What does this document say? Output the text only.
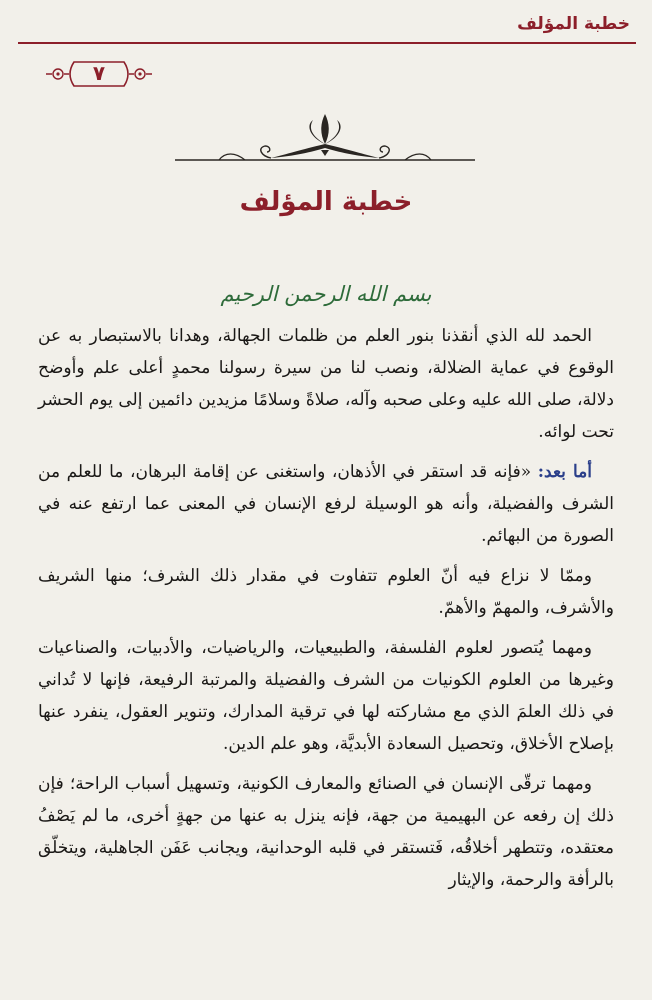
خطبة المؤلف
٧
خطبة المؤلف
بسم الله الرحمن الرحيم

الحمد لله الذي أنقذنا بنور العلم من ظلمات الجهالة، وهدانا بالاستبصار به عن الوقوع في عماية الضلالة، ونصب لنا من سيرة رسولنا محمدٍ أعلى علم وأوضح دلالة، صلى الله عليه وعلى صحبه وآله، صلاةً وسلامًا مزيدين دائمين إلى يوم الحشر تحت لوائه.

أما بعد: «فإنه قد استقر في الأذهان، واستغنى عن إقامة البرهان، ما للعلم من الشرف والفضيلة، وأنه هو الوسيلة لرفع الإنسان في المعنى عما ارتفع عنه في الصورة من البهائم.

وممّا لا نزاع فيه أنّ العلوم تتفاوت في مقدار ذلك الشرف؛ منها الشريف والأشرف، والمهمّ والأهمّ.

ومهما يُتصور لعلوم الفلسفة، والطبيعيات، والرياضيات، والأدبيات، والصناعيات وغيرها من العلوم الكونيات من الشرف والفضيلة والمرتبة الرفيعة، فإنها لا تُداني في ذلك العلمَ الذي مع مشاركته لها في ترقية المدارك، وتنوير العقول، ينفرد عنها بإصلاح الأخلاق، وتحصيل السعادة الأبديَّة، وهو علم الدين.

ومهما ترقّى الإنسان في الصنائع والمعارف الكونية، وتسهيل أسباب الراحة؛ فإن ذلك إن رفعه عن البهيمية من جهة، فإنه ينزل به عنها من جهةٍ أخرى، ما لم يَصْفُ معتقده، وتتطهر أخلاقُه، فَتستقر في قلبه الوحدانية، ويجانب عَفَن الجاهلية، ويتخلّق بالرأفة والرحمة، والإيثار
